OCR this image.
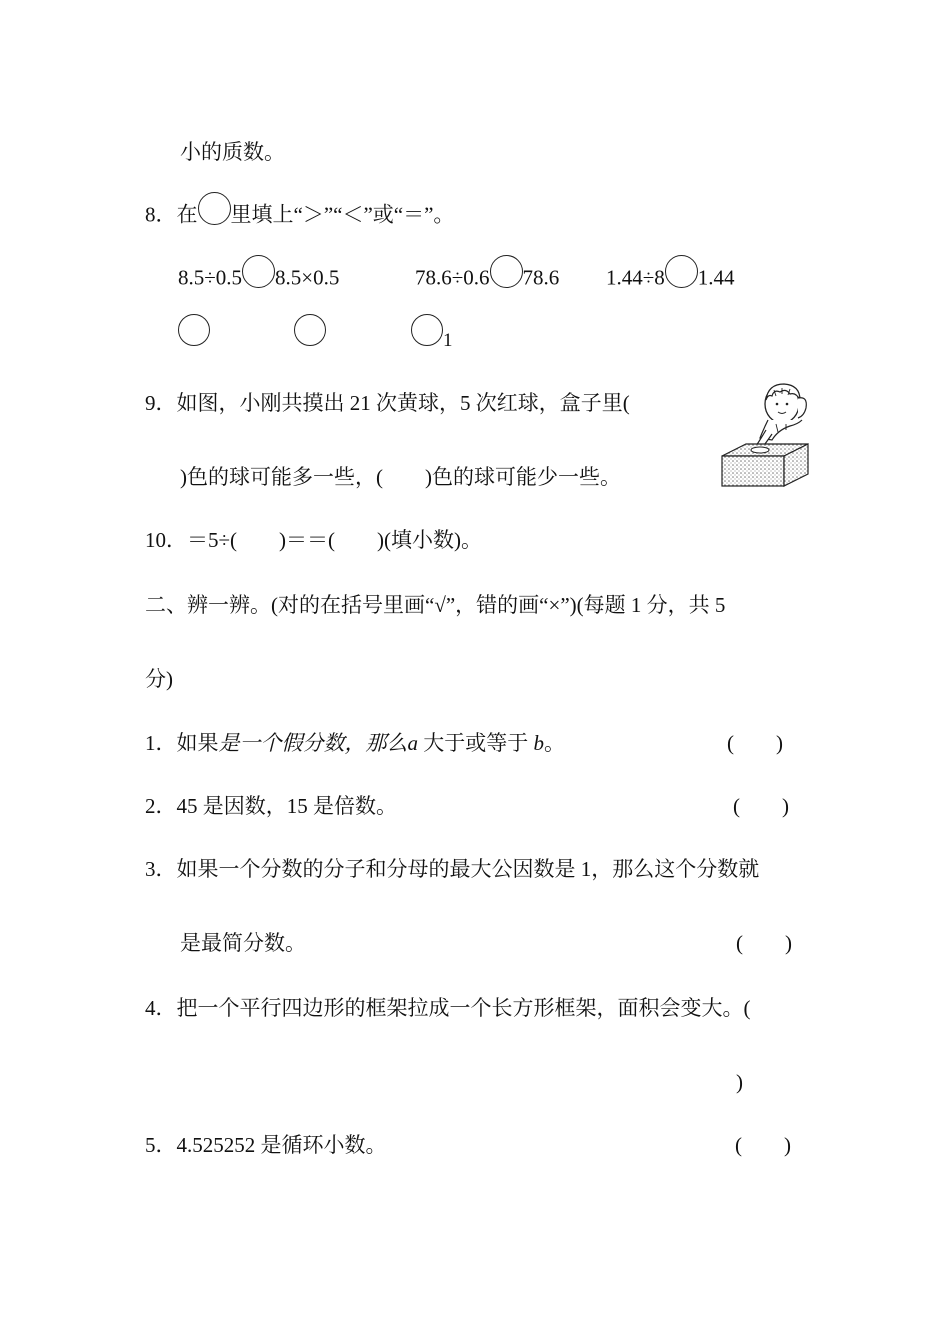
小的质数。
8．在 里填上“＞”“＜”或“＝”。
8.5÷0.5 8.5×0.5	78.6÷0.6 78.6 1.44÷8 1.44
1
9．如图，小刚共摸出 21 次黄球，5 次红球，盒子里(
)色的球可能多一些，(　　)色的球可能少一些。
10．＝5÷(　　)＝＝(　　)(填小数)。
二、辨一辨。(对的在括号里画“√”，错的画“×”)(每题 1 分，共 5
分)
1．如果是一个假分数，那么a 大于或等于 b。	(　　)
2．45 是因数，15 是倍数。	(　　)
3．如果一个分数的分子和分母的最大公因数是 1，那么这个分数就
是最简分数。	(　　)
4．把一个平行四边形的框架拉成一个长方形框架，面积会变大。(
)
5．4.525252 是循环小数。	(　　)
